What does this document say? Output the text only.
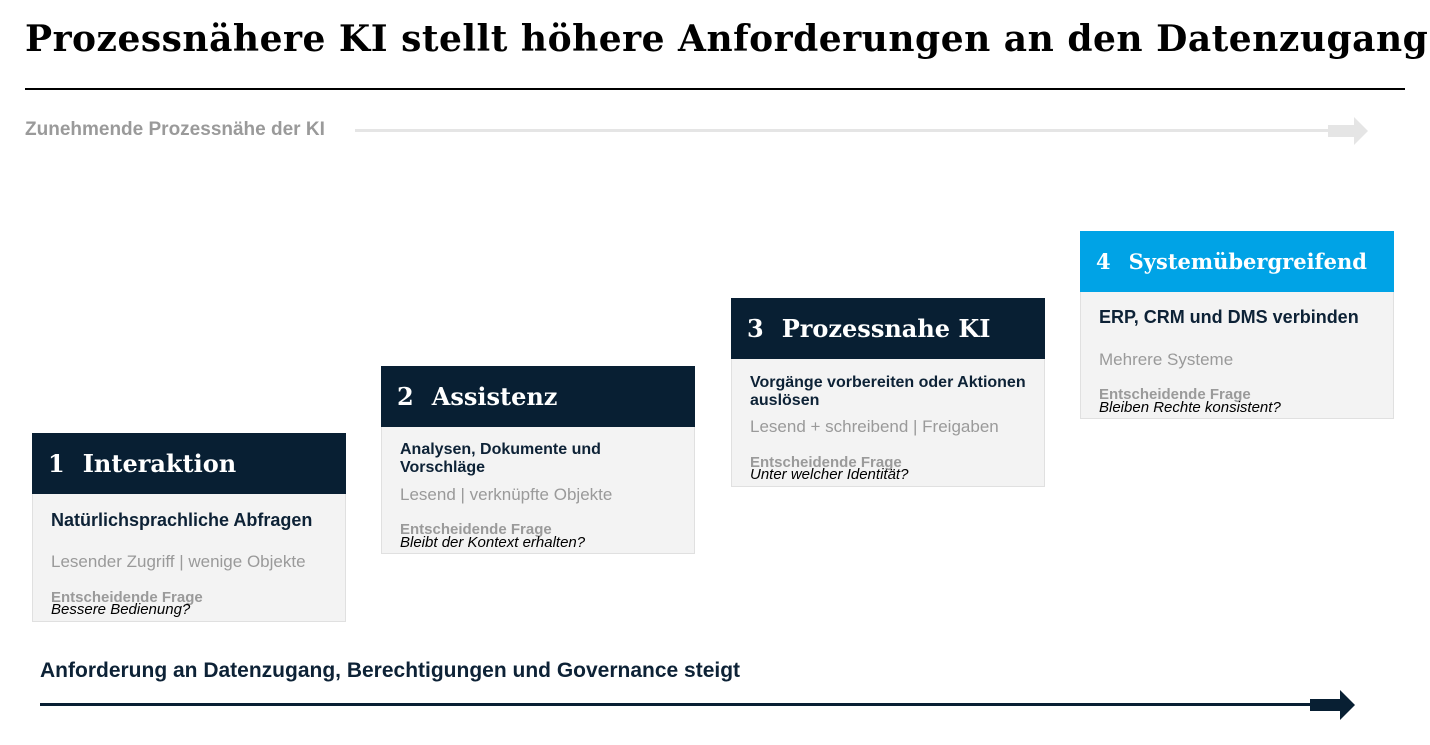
Prozessnähere KI stellt höhere Anforderungen an den Datenzugang
Zunehmende Prozessnähe der KI
1 Interaktion
Natürlichsprachliche Abfragen
Lesender Zugriff | wenige Objekte
Entscheidende Frage
Bessere Bedienung?
2 Assistenz
Analysen, Dokumente und Vorschläge
Lesend | verknüpfte Objekte
Entscheidende Frage
Bleibt der Kontext erhalten?
3 Prozessnahe KI
Vorgänge vorbereiten oder Aktionen auslösen
Lesend + schreibend | Freigaben
Entscheidende Frage
Unter welcher Identität?
4 Systemübergreifend
ERP, CRM und DMS verbinden
Mehrere Systeme
Entscheidende Frage
Bleiben Rechte konsistent?
Anforderung an Datenzugang, Berechtigungen und Governance steigt
